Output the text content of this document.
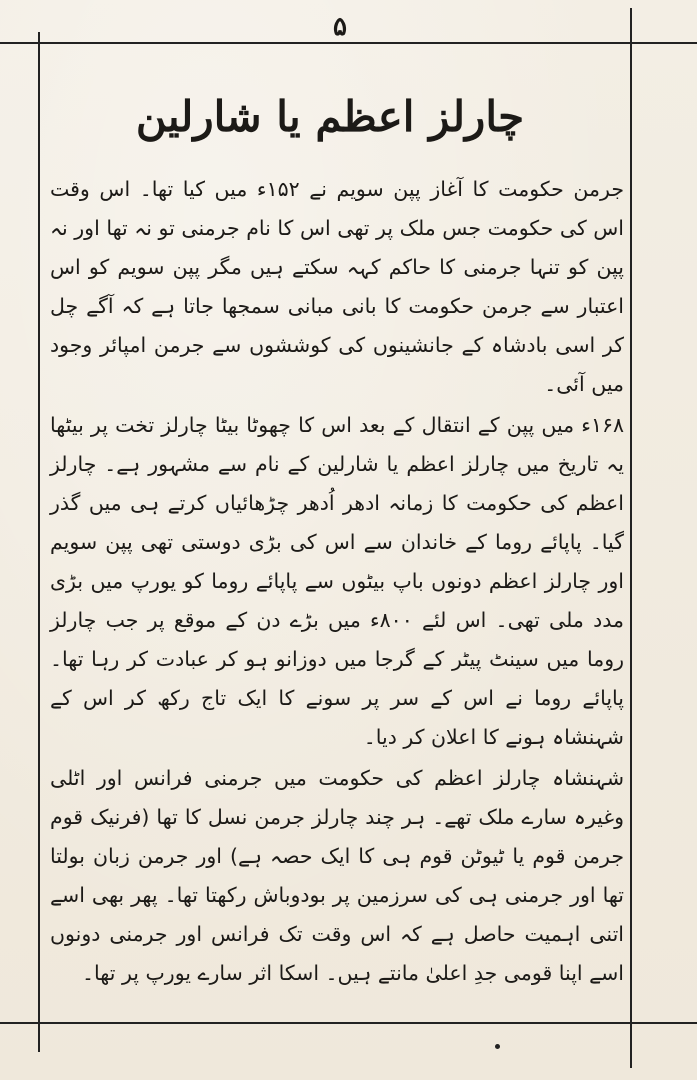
۵
چارلز اعظم یا شارلین

جرمن حکومت کا آغاز پپن سویم نے ۱۵۲ء میں کیا تھا۔ اس وقت اس کی حکومت جس ملک پر تھی اس کا نام جرمنی تو نہ تھا اور نہ پپن کو تنہا جرمنی کا حاکم کہہ سکتے ہیں مگر پپن سویم کو اس اعتبار سے جرمن حکومت کا بانی مبانی سمجھا جاتا ہے کہ آگے چل کر اسی بادشاہ کے جانشینوں کی کوششوں سے جرمن امپائر وجود میں آئی۔

۱۶۸ء میں پپن کے انتقال کے بعد اس کا چھوٹا بیٹا چارلز تخت پر بیٹھا یہ تاریخ میں چارلز اعظم یا شارلین کے نام سے مشہور ہے۔ چارلز اعظم کی حکومت کا زمانہ ادھر اُدھر چڑھائیاں کرتے ہی میں گذر گیا۔ پاپائے روما کے خاندان سے اس کی بڑی دوستی تھی پپن سویم اور چارلز اعظم دونوں باپ بیٹوں سے پاپائے روما کو یورپ میں بڑی مدد ملی تھی۔ اس لئے ۸۰۰ء میں بڑے دن کے موقع پر جب چارلز روما میں سینٹ پیٹر کے گرجا میں دوزانو ہو کر عبادت کر رہا تھا۔ پاپائے روما نے اس کے سر پر سونے کا ایک تاج رکھ کر اس کے شہنشاہ ہونے کا اعلان کر دیا۔

شہنشاہ چارلز اعظم کی حکومت میں جرمنی فرانس اور اٹلی وغیرہ سارے ملک تھے۔ ہر چند چارلز جرمن نسل کا تھا (فرنیک قوم جرمن قوم یا ٹیوٹن قوم ہی کا ایک حصہ ہے) اور جرمن زبان بولتا تھا اور جرمنی ہی کی سرزمین پر بودوباش رکھتا تھا۔ پھر بھی اسے اتنی اہمیت حاصل ہے کہ اس وقت تک فرانس اور جرمنی دونوں اسے اپنا قومی جدِ اعلیٰ مانتے ہیں۔ اسکا اثر سارے یورپ پر تھا۔
